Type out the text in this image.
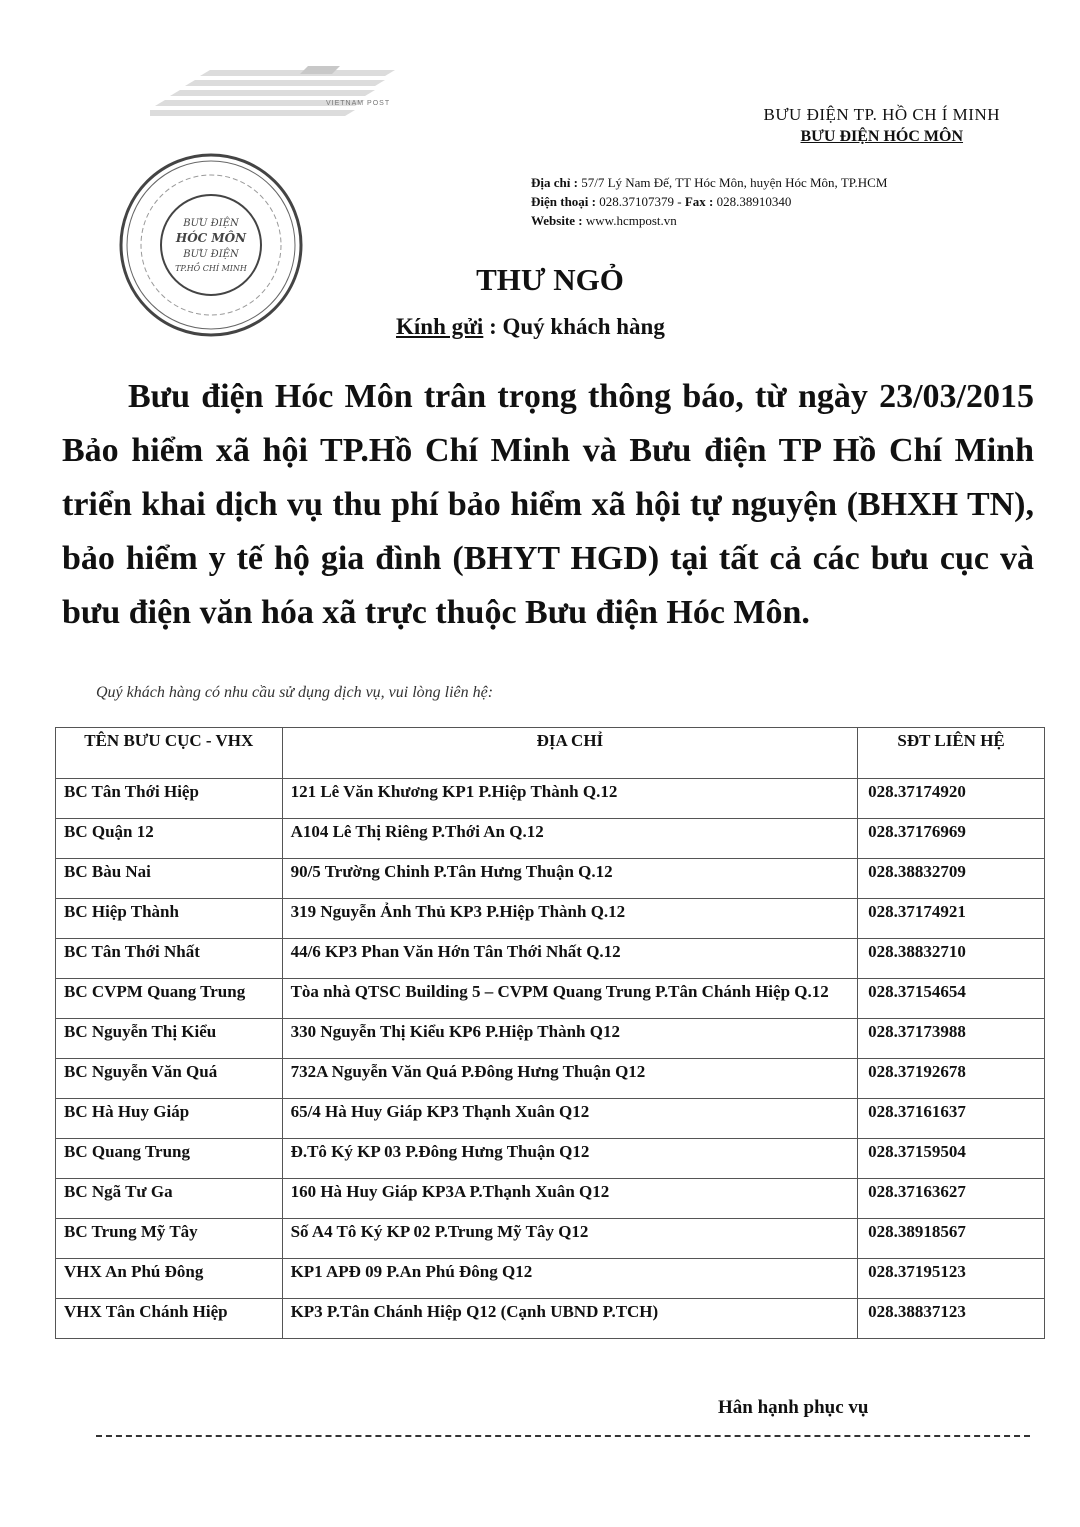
VIETNAM POST
BƯU ĐIỆN TP. HỒ CH Í MINH
BƯU ĐIỆN HÓC MÔN
Địa chỉ : 57/7 Lý Nam Đế, TT Hóc Môn, huyện Hóc Môn, TP.HCM
Điện thoại : 028.37107379 - Fax : 028.38910340
Website : www.hcmpost.vn
BƯU ĐIỆN
HÓC MÔN
BƯU ĐIỆN
TP.HỒ CHÍ MINH	THƯ NGỎ
Kính gửi : Quý khách hàng
Bưu điện Hóc Môn trân trọng thông báo, từ ngày 23/03/2015 Bảo hiểm xã hội TP.Hồ Chí Minh và Bưu điện TP Hồ Chí Minh triển khai dịch vụ thu phí bảo hiểm xã hội tự nguyện (BHXH TN), bảo hiểm y tế hộ gia đình (BHYT HGD) tại tất cả các bưu cục và bưu điện văn hóa xã trực thuộc Bưu điện Hóc Môn.
Quý khách hàng có nhu cầu sử dụng dịch vụ, vui lòng liên hệ:
TÊN BƯU CỤC - VHX	ĐỊA CHỈ	SĐT LIÊN HỆ
BC Tân Thới Hiệp	121 Lê Văn Khương KP1 P.Hiệp Thành Q.12	028.37174920
BC Quận 12	A104 Lê Thị Riêng P.Thới An Q.12	028.37176969
BC Bàu Nai	90/5 Trường Chinh P.Tân Hưng Thuận Q.12	028.38832709
BC Hiệp Thành	319 Nguyễn Ảnh Thủ KP3 P.Hiệp Thành Q.12	028.37174921
BC Tân Thới Nhất	44/6 KP3 Phan Văn Hớn Tân Thới Nhất Q.12	028.38832710
BC CVPM Quang Trung	Tòa nhà QTSC Building 5 – CVPM Quang Trung P.Tân Chánh Hiệp Q.12	028.37154654
BC Nguyễn Thị Kiểu	330 Nguyễn Thị Kiểu KP6 P.Hiệp Thành Q12	028.37173988
BC Nguyễn Văn Quá	732A Nguyễn Văn Quá P.Đông Hưng Thuận Q12	028.37192678
BC Hà Huy Giáp	65/4 Hà Huy Giáp KP3 Thạnh Xuân Q12	028.37161637
BC Quang Trung	Đ.Tô Ký KP 03 P.Đông Hưng Thuận Q12	028.37159504
BC Ngã Tư Ga	160 Hà Huy Giáp KP3A P.Thạnh Xuân Q12	028.37163627
BC Trung Mỹ Tây	Số A4 Tô Ký KP 02 P.Trung Mỹ Tây Q12	028.38918567
VHX An Phú Đông	KP1 APĐ 09 P.An Phú Đông Q12	028.37195123
VHX Tân Chánh Hiệp	KP3 P.Tân Chánh Hiệp Q12 (Cạnh UBND P.TCH)	028.38837123
Hân hạnh phục vụ
